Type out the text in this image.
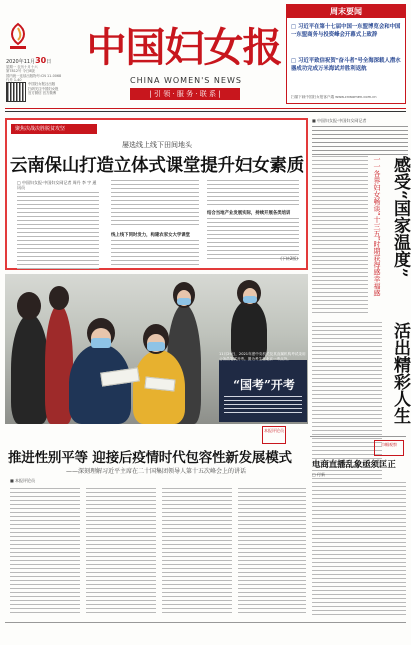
2020年11月30日
星期一 农历十月十六
第7812号 今日8版
国内统一连续出版物号:CN 11-0068
代号 1-40
中国妇女报社出版
扫码关注中国妇女报
官方微信 官方微博
中国妇女报
CHINA WOMEN'S NEWS
| 引 领 · 服 务 · 联 系 |
周末要闻
□ 习近平在第十七届中国一东盟博览会和中国一东盟商务与投资峰会开幕式上致辞
□ 习近平致信祝贺"奋斗者"号全海深载人潜水器成功完成万米海试并胜利返航
扫描下载中国妇女报客户端 www.cnwomen.com.cn
聚焦决战决胜脱贫攻坚
屡选线上线下田间地头
云南保山打造立体式课堂提升妇女素质
□ 中国妇女报·中国妇女网记者 周丹 李 宇 通讯员
线上线下同时发力，构建农家女大学课堂
结合当地产业发展实际，持续开展各类培训
(下转2版)
■ 中国妇女报·中国妇女网记者
感受“国家温度”
一一各界妇女畅谈“十三五”时期获得感幸福感
活出精彩人生
“国考”开考
11月29日，2021年度中央机关及其直属机构考试录用公务员笔试开考。图为考生在北京一考点外。
本报评论员
推进性别平等 迎接后疫情时代包容性新发展模式
——深刻理解习近平主席在二十国集团领导人第十五次峰会上的讲话
■ 本报评论员
巾帼观察
电商直播乱象亟须匡正
□ 付新
